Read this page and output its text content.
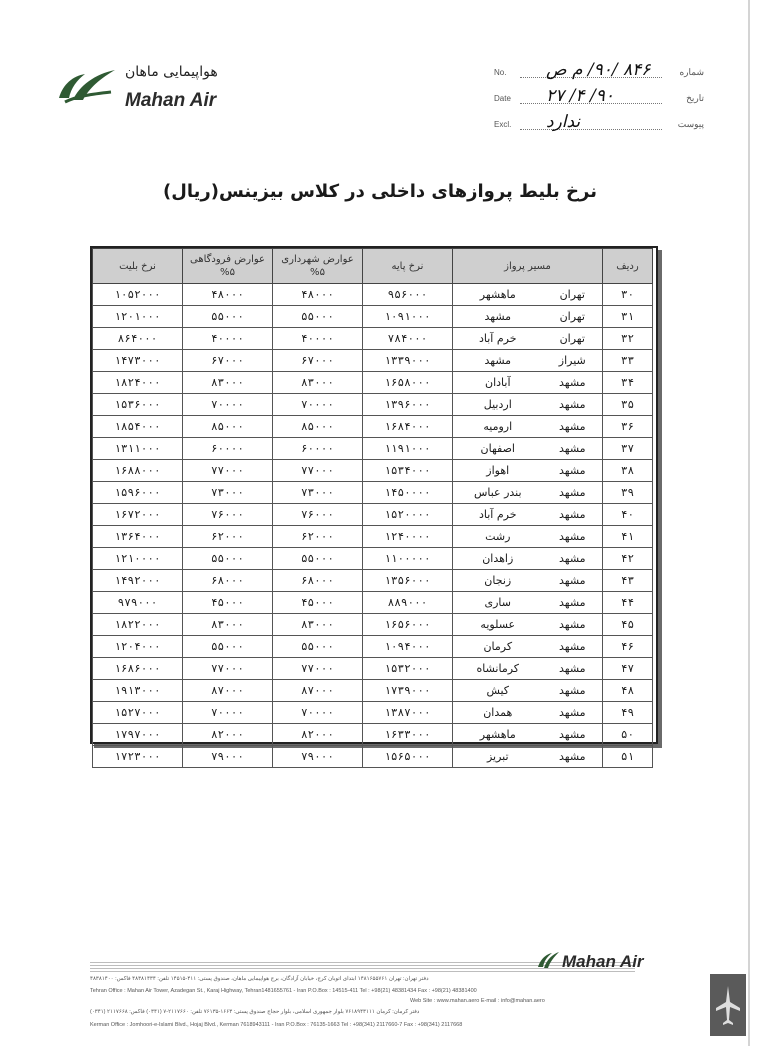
هواپیمایی ماهان
Mahan Air
No. ۸۴۶ /۹۰/ م ص	شماره
Date ۹۰/ ۴/ ۲۷	تاریخ
Excl. ندارد	پیوست
نرخ بلیط پروازهای داخلی در کلاس بیزینس(ریال)
ردیف	مسیر پرواز		نرخ پایه	عوارض شهرداری ۵%	عوارض فرودگاهی ۵%	نرخ بلیت
۳۰	تهران	ماهشهر	۹۵۶۰۰۰	۴۸۰۰۰	۴۸۰۰۰	۱۰۵۲۰۰۰
۳۱	تهران	مشهد	۱۰۹۱۰۰۰	۵۵۰۰۰	۵۵۰۰۰	۱۲۰۱۰۰۰
۳۲	تهران	خرم آباد	۷۸۴۰۰۰	۴۰۰۰۰	۴۰۰۰۰	۸۶۴۰۰۰
۳۳	شیراز	مشهد	۱۳۳۹۰۰۰	۶۷۰۰۰	۶۷۰۰۰	۱۴۷۳۰۰۰
۳۴	مشهد	آبادان	۱۶۵۸۰۰۰	۸۳۰۰۰	۸۳۰۰۰	۱۸۲۴۰۰۰
۳۵	مشهد	اردبیل	۱۳۹۶۰۰۰	۷۰۰۰۰	۷۰۰۰۰	۱۵۳۶۰۰۰
۳۶	مشهد	ارومیه	۱۶۸۴۰۰۰	۸۵۰۰۰	۸۵۰۰۰	۱۸۵۴۰۰۰
۳۷	مشهد	اصفهان	۱۱۹۱۰۰۰	۶۰۰۰۰	۶۰۰۰۰	۱۳۱۱۰۰۰
۳۸	مشهد	اهواز	۱۵۳۴۰۰۰	۷۷۰۰۰	۷۷۰۰۰	۱۶۸۸۰۰۰
۳۹	مشهد	بندر عباس	۱۴۵۰۰۰۰	۷۳۰۰۰	۷۳۰۰۰	۱۵۹۶۰۰۰
۴۰	مشهد	خرم آباد	۱۵۲۰۰۰۰	۷۶۰۰۰	۷۶۰۰۰	۱۶۷۲۰۰۰
۴۱	مشهد	رشت	۱۲۴۰۰۰۰	۶۲۰۰۰	۶۲۰۰۰	۱۳۶۴۰۰۰
۴۲	مشهد	زاهدان	۱۱۰۰۰۰۰	۵۵۰۰۰	۵۵۰۰۰	۱۲۱۰۰۰۰
۴۳	مشهد	زنجان	۱۳۵۶۰۰۰	۶۸۰۰۰	۶۸۰۰۰	۱۴۹۲۰۰۰
۴۴	مشهد	ساری	۸۸۹۰۰۰	۴۵۰۰۰	۴۵۰۰۰	۹۷۹۰۰۰
۴۵	مشهد	عسلویه	۱۶۵۶۰۰۰	۸۳۰۰۰	۸۳۰۰۰	۱۸۲۲۰۰۰
۴۶	مشهد	کرمان	۱۰۹۴۰۰۰	۵۵۰۰۰	۵۵۰۰۰	۱۲۰۴۰۰۰
۴۷	مشهد	کرمانشاه	۱۵۳۲۰۰۰	۷۷۰۰۰	۷۷۰۰۰	۱۶۸۶۰۰۰
۴۸	مشهد	کیش	۱۷۳۹۰۰۰	۸۷۰۰۰	۸۷۰۰۰	۱۹۱۳۰۰۰
۴۹	مشهد	همدان	۱۳۸۷۰۰۰	۷۰۰۰۰	۷۰۰۰۰	۱۵۲۷۰۰۰
۵۰	مشهد	ماهشهر	۱۶۳۳۰۰۰	۸۲۰۰۰	۸۲۰۰۰	۱۷۹۷۰۰۰
۵۱	مشهد	تبریز	۱۵۶۵۰۰۰	۷۹۰۰۰	۷۹۰۰۰	۱۷۲۳۰۰۰
Mahan Air
دفتر تهران: تهران ۱۴۸۱۶۵۵۷۶۱ ابتدای اتوبان کرج، خیابان آزادگان، برج هواپیمایی ماهان، صندوق پستی: ۴۱۱-۱۴۵۱۵ تلفن: ۴۸۳۸۱۴۳۴ فاکس: ۴۸۳۸۱۴۰۰
Tehran Office : Mahan Air Tower, Azadegan St., Karaj Highway, Tehran1481655761 - Iran P.O.Box : 14515-411 Tel : +98(21) 48381434 Fax : +98(21) 48381400
Web Site : www.mahan.aero E-mail : info@mahan.aero
دفتر کرمان: کرمان ۷۶۱۸۹۴۳۱۱۱ بلوار جمهوری اسلامی، بلوار حجاج صندوق پستی: ۱۶۶۳-۷۶۱۳۵ تلفن: ۲۱۱۷۶۶۰-۷ (۰۳۴۱) فاکس: ۲۱۱۷۶۶۸ (۰۳۴۱)
Kerman Office : Jomhoori-e-Islami Blvd., Hojaj Blvd., Kerman 7618943111 - Iran P.O.Box : 76135-1663 Tel : +98(341) 2117660-7 Fax : +98(341) 2117668
